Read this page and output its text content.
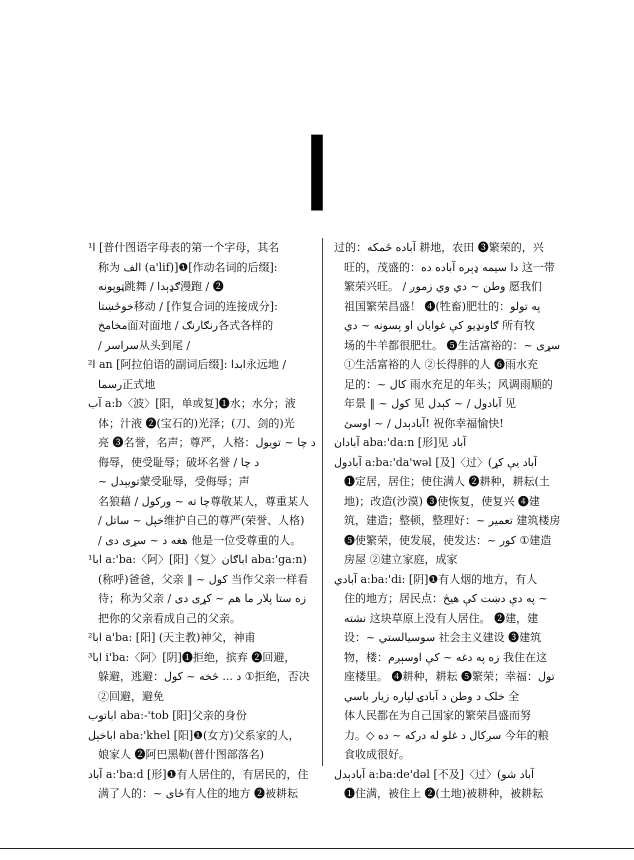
ا
ا¹ [普什图语字母表的第一个字母，其名
称为 الف (a'lif)]❶[作动名词的后缀]:
ټوپونه跳舞 / ګډېدا漫跑 / ❷
خوځښتا移动 / [作复合词的连接成分]:
مخامخ面对面地 / رنګارنګ各式各样的
/ سراسر从头到尾 /
ا² an [阿拉伯语的副词后缀]: ابدا永远地 /
رسما正式地
آب a:b〈波〉[阳，单或复]❶水；水分；液
体；汁液 ❷(宝石的)光泽；(刀、剑的)光
亮 ❸名誉，名声；尊严，人格：د چا ~ تویول
侮辱，使受耻辱；破坏名誉 / د چا
~ تويېدل蒙受耻辱，受侮辱；声
名狼藉 / چا ته ~ ورکول尊敬某人，尊重某人
/ خپل ~ ساتل维护自己的尊严(荣誉、人格)
/ هغه د ~ سړی دی 他是一位受尊重的人。
ابا¹ a:'ba:〈阿〉[阳]〈复〉اباګان aba:'ga:n)
(称呼)爸爸，父亲 ‖ ~ کول 当作父亲一样看
待；称为父亲 / زه ستا پلار ما هم ~ کړی دی
把你的父亲看成自己的父亲。
ابا² a'ba: [阳] (天主教)神父，神甫
ابا³ i'ba:〈阿〉[阴]❶拒绝，摈弃 ❷回避，
躲避，逃避：د ... څخه ~ کول ①拒绝，否决
②回避，避免
اباتوب aba:-'tob [阳]父亲的身份
اباخېل aba:'khel [阳]❶(女方)父系家的人，
娘家人 ❷阿巴黑勒(普什图部落名)
آباد a:'ba:d [形]❶有人居住的，有居民的，住
满了人的：~ ځای有人住的地方 ❷被耕耘
过的：آباده ځمکه 耕地，农田 ❸繁荣的，兴
旺的，茂盛的：دا سیمه ډېره آباده ده 这一带
繁荣兴旺。 / وطن ~ دي وي زموږ 愿我们
祖国繁荣昌盛！ ❹(牲畜)肥壮的：په تولو
ګاونډیو کې غوایان او پسونه ~ دي 所有牧
场的牛羊都很肥壮。 ❺生活富裕的：~ سړی
①生活富裕的人 ②长得胖的人 ❻雨水充
足的：~ کال 雨水充足的年头；风调雨顺的
年景 ‖ ~ کول 见 آبادول / ~ کېدل 见
آبادېدل / ~ اوسئ! 祝你幸福愉快!
آبادان aba:'da:n [形]见 آباد
آبادول a:ba:'da'wəl [及]〈过〉(آباد يې کړ
❶定居，居住；使住满人 ❷耕种，耕耘(土
地)；改造(沙漠) ❸使恢复，使复兴 ❹建
筑，建造；整顿，整理好：~ تعمیر 建筑楼房
❺使繁荣，使发展，使发达：~ کور ①建造
房屋 ②建立家庭，成家
آبادي a:ba:'di: [阴]❶有人烟的地方，有人
住的地方；居民点：په دې دښت کې هيڅ ~
نشته 这块草原上没有人居住。 ❷建，建
设：~ سوسيالستي 社会主义建设 ❸建筑
物，楼：زه په دغه ~ کې اوسېږم 我住在这
座楼里。 ❹耕种，耕耘 ❺繁荣；幸福：تول
خلک د وطن د آبادۍ لپاره زیار باسي 全
体人民都在为自己国家的繁荣昌盛而努
力。◇ سږکال د غلو له درکه ~ ده 今年的粮
食收成很好。
آبادېدل a:ba:de'dəl [不及]〈过〉(آباد شو
❶住满，被住上 ❷(土地)被耕种，被耕耘
